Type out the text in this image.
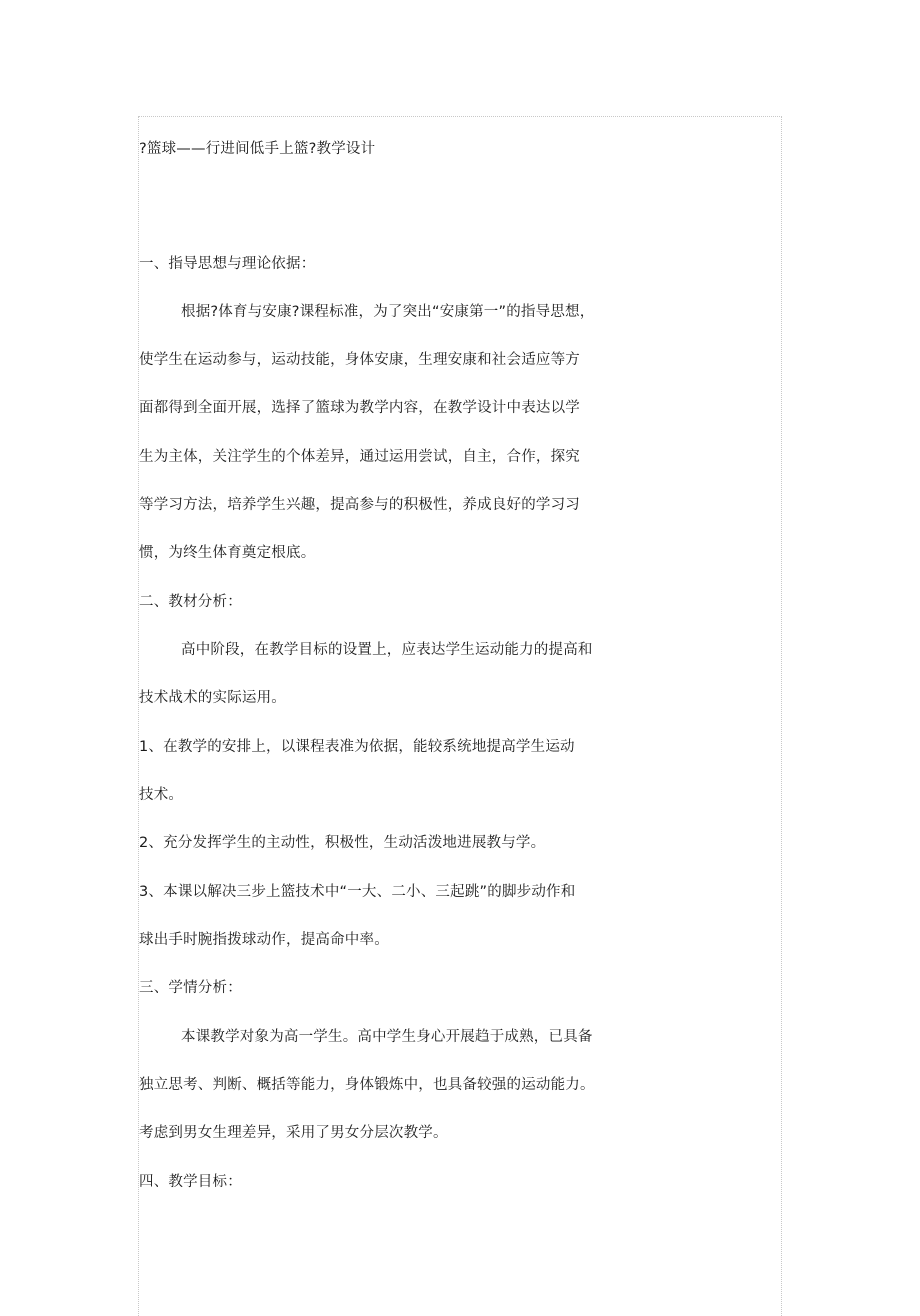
?篮球——行进间低手上篮?教学设计
一、指导思想与理论依据：
根据?体育与安康?课程标准，为了突出“安康第一”的指导思想，
使学生在运动参与，运动技能，身体安康，生理安康和社会适应等方
面都得到全面开展，选择了篮球为教学内容，在教学设计中表达以学
生为主体，关注学生的个体差异，通过运用尝试，自主，合作，探究
等学习方法，培养学生兴趣，提高参与的积极性，养成良好的学习习
惯，为终生体育奠定根底。
二、教材分析：
高中阶段，在教学目标的设置上，应表达学生运动能力的提高和
技术战术的实际运用。
1、在教学的安排上，以课程表准为依据，能较系统地提高学生运动
技术。
2、充分发挥学生的主动性，积极性，生动活泼地进展教与学。
3、本课以解决三步上篮技术中“一大、二小、三起跳”的脚步动作和
球出手时腕指拨球动作，提高命中率。
三、学情分析：
本课教学对象为高一学生。高中学生身心开展趋于成熟，已具备
独立思考、判断、概括等能力，身体锻炼中，也具备较强的运动能力。
考虑到男女生理差异，采用了男女分层次教学。
四、教学目标：
